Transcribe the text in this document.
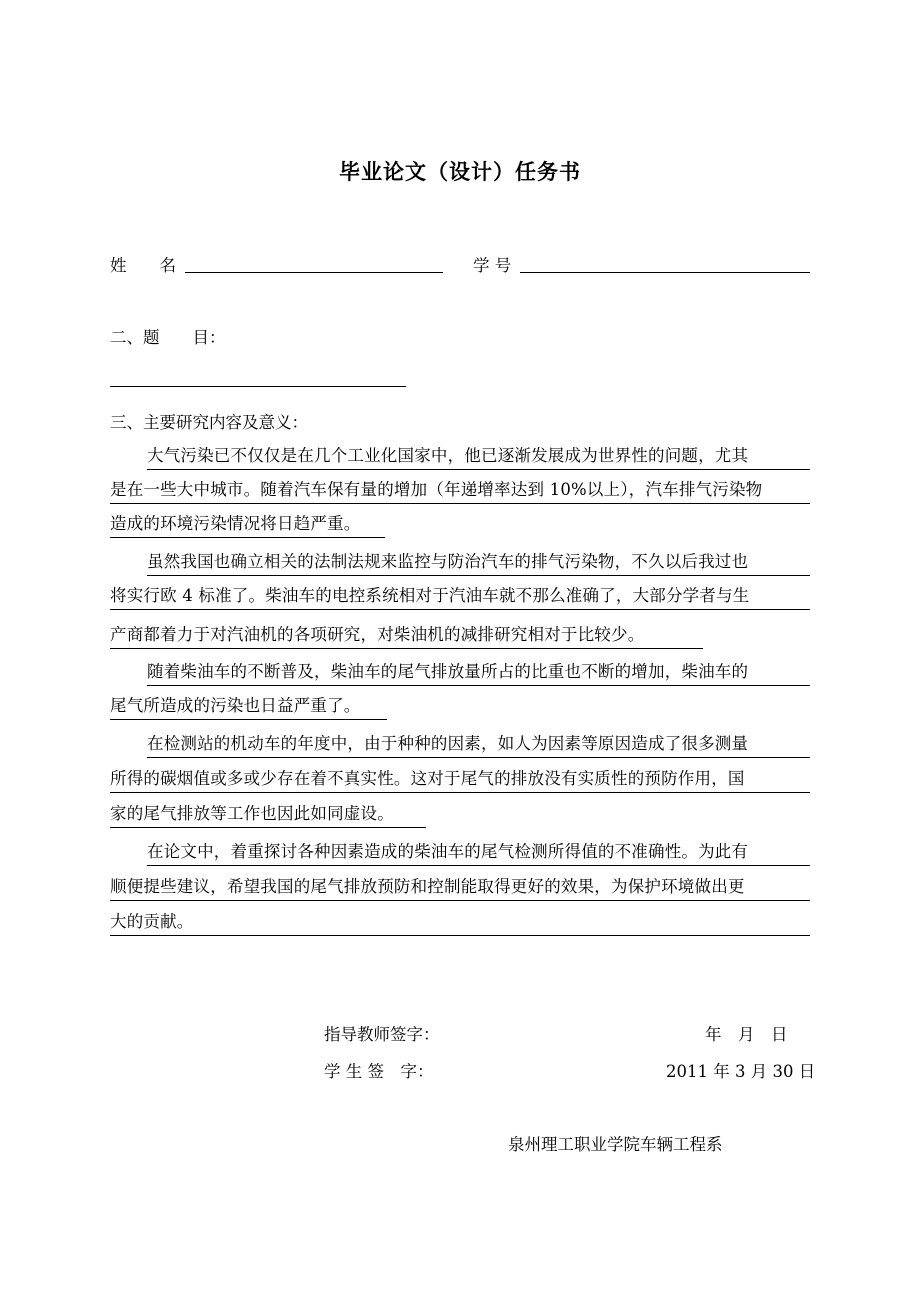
毕业论文（设计）任务书
姓　　名	学 号
二、题　　目：
三、主要研究内容及意义：
大气污染已不仅仅是在几个工业化国家中，他已逐渐发展成为世界性的问题，尤其
是在一些大中城市。随着汽车保有量的增加（年递增率达到 10%以上），汽车排气污染物
造成的环境污染情况将日趋严重。
虽然我国也确立相关的法制法规来监控与防治汽车的排气污染物，不久以后我过也
将实行欧 4 标准了。柴油车的电控系统相对于汽油车就不那么准确了，大部分学者与生
产商都着力于对汽油机的各项研究，对柴油机的减排研究相对于比较少。
随着柴油车的不断普及，柴油车的尾气排放量所占的比重也不断的增加，柴油车的
尾气所造成的污染也日益严重了。
在检测站的机动车的年度中，由于种种的因素，如人为因素等原因造成了很多测量
所得的碳烟值或多或少存在着不真实性。这对于尾气的排放没有实质性的预防作用，国
家的尾气排放等工作也因此如同虚设。
在论文中，着重探讨各种因素造成的柴油车的尾气检测所得值的不准确性。为此有
顺便提些建议，希望我国的尾气排放预防和控制能取得更好的效果，为保护环境做出更
大的贡献。
指导教师签字：	年　月　日
学 生 签　字：	2011 年 3 月 30 日
泉州理工职业学院车辆工程系
